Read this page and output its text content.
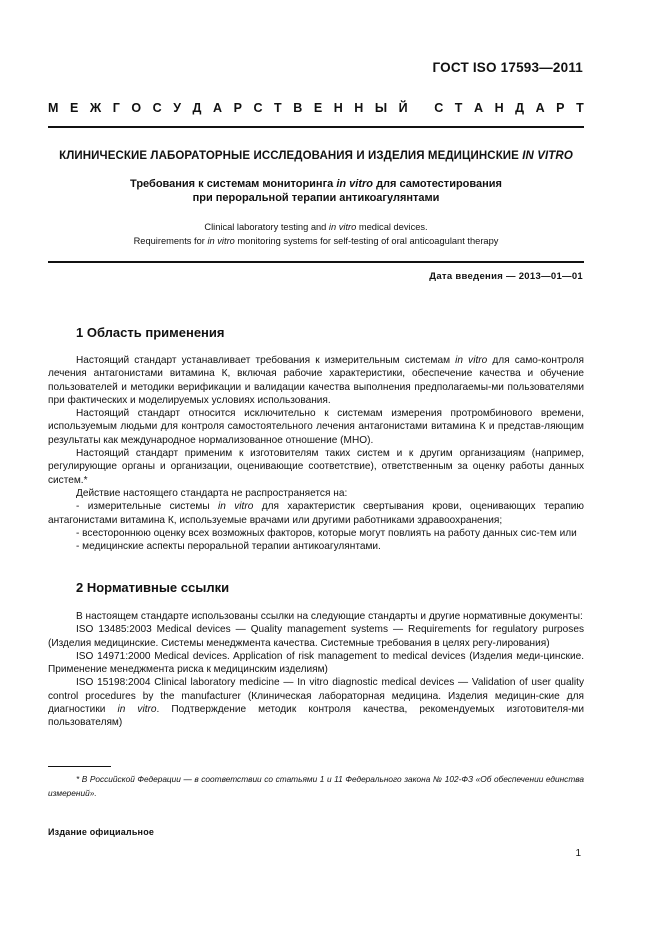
ГОСТ ISO 17593—2011
М Е Ж Г О С У Д А Р С Т В Е Н Н Ы Й
С Т А Н Д А Р Т
КЛИНИЧЕСКИЕ ЛАБОРАТОРНЫЕ ИССЛЕДОВАНИЯ И ИЗДЕЛИЯ МЕДИЦИНСКИЕ IN VITRO
Требования к системам мониторинга in vitro для самотестирования
при пероральной терапии антикоагулянтами
Clinical laboratory testing and in vitro medical devices.
Requirements for in vitro monitoring systems for self-testing of oral anticoagulant therapy
Дата введения — 2013—01—01
1 Область применения

Настоящий стандарт устанавливает требования к измерительным системам in vitro для само-контроля лечения антагонистами витамина К, включая рабочие характеристики, обеспечение качества и обучение пользователей и методики верификации и валидации качества выполнения предполагаемы-ми пользователями при фактических и моделируемых условиях использования.

Настоящий стандарт относится исключительно к системам измерения протромбинового времени, используемым людьми для контроля самостоятельного лечения антагонистами витамина К и представ-ляющим результаты как международное нормализованное отношение (МНО).

Настоящий стандарт применим к изготовителям таких систем и к другим организациям (например, регулирующие органы и организации, оценивающие соответствие), ответственным за оценку работы данных систем.*

Действие настоящего стандарта не распространяется на:

- измерительные системы in vitro для характеристик свертывания крови, оценивающих терапию антагонистами витамина К, используемые врачами или другими работниками здравоохранения;

- всестороннюю оценку всех возможных факторов, которые могут повлиять на работу данных сис-тем или

- медицинские аспекты пероральной терапии антикоагулянтами.

2 Нормативные ссылки

В настоящем стандарте использованы ссылки на следующие стандарты и другие нормативные документы:

ISO 13485:2003 Medical devices — Quality management systems — Requirements for regulatory purposes (Изделия медицинские. Системы менеджмента качества. Системные требования в целях регу-лирования)

ISO 14971:2000 Medical devices. Application of risk management to medical devices (Изделия меди-цинские. Применение менеджмента риска к медицинским изделиям)

ISO 15198:2004 Clinical laboratory medicine — In vitro diagnostic medical devices — Validation of user quality control procedures by the manufacturer (Клиническая лабораторная медицина. Изделия медицин-ские для диагностики in vitro. Подтверждение методик контроля качества, рекомендуемых изготовителя-ми пользователям)

* В Российской Федерации — в соответствии со статьями 1 и 11 Федерального закона № 102-ФЗ «Об обеспечении единства измерений».

Издание официальное
1
